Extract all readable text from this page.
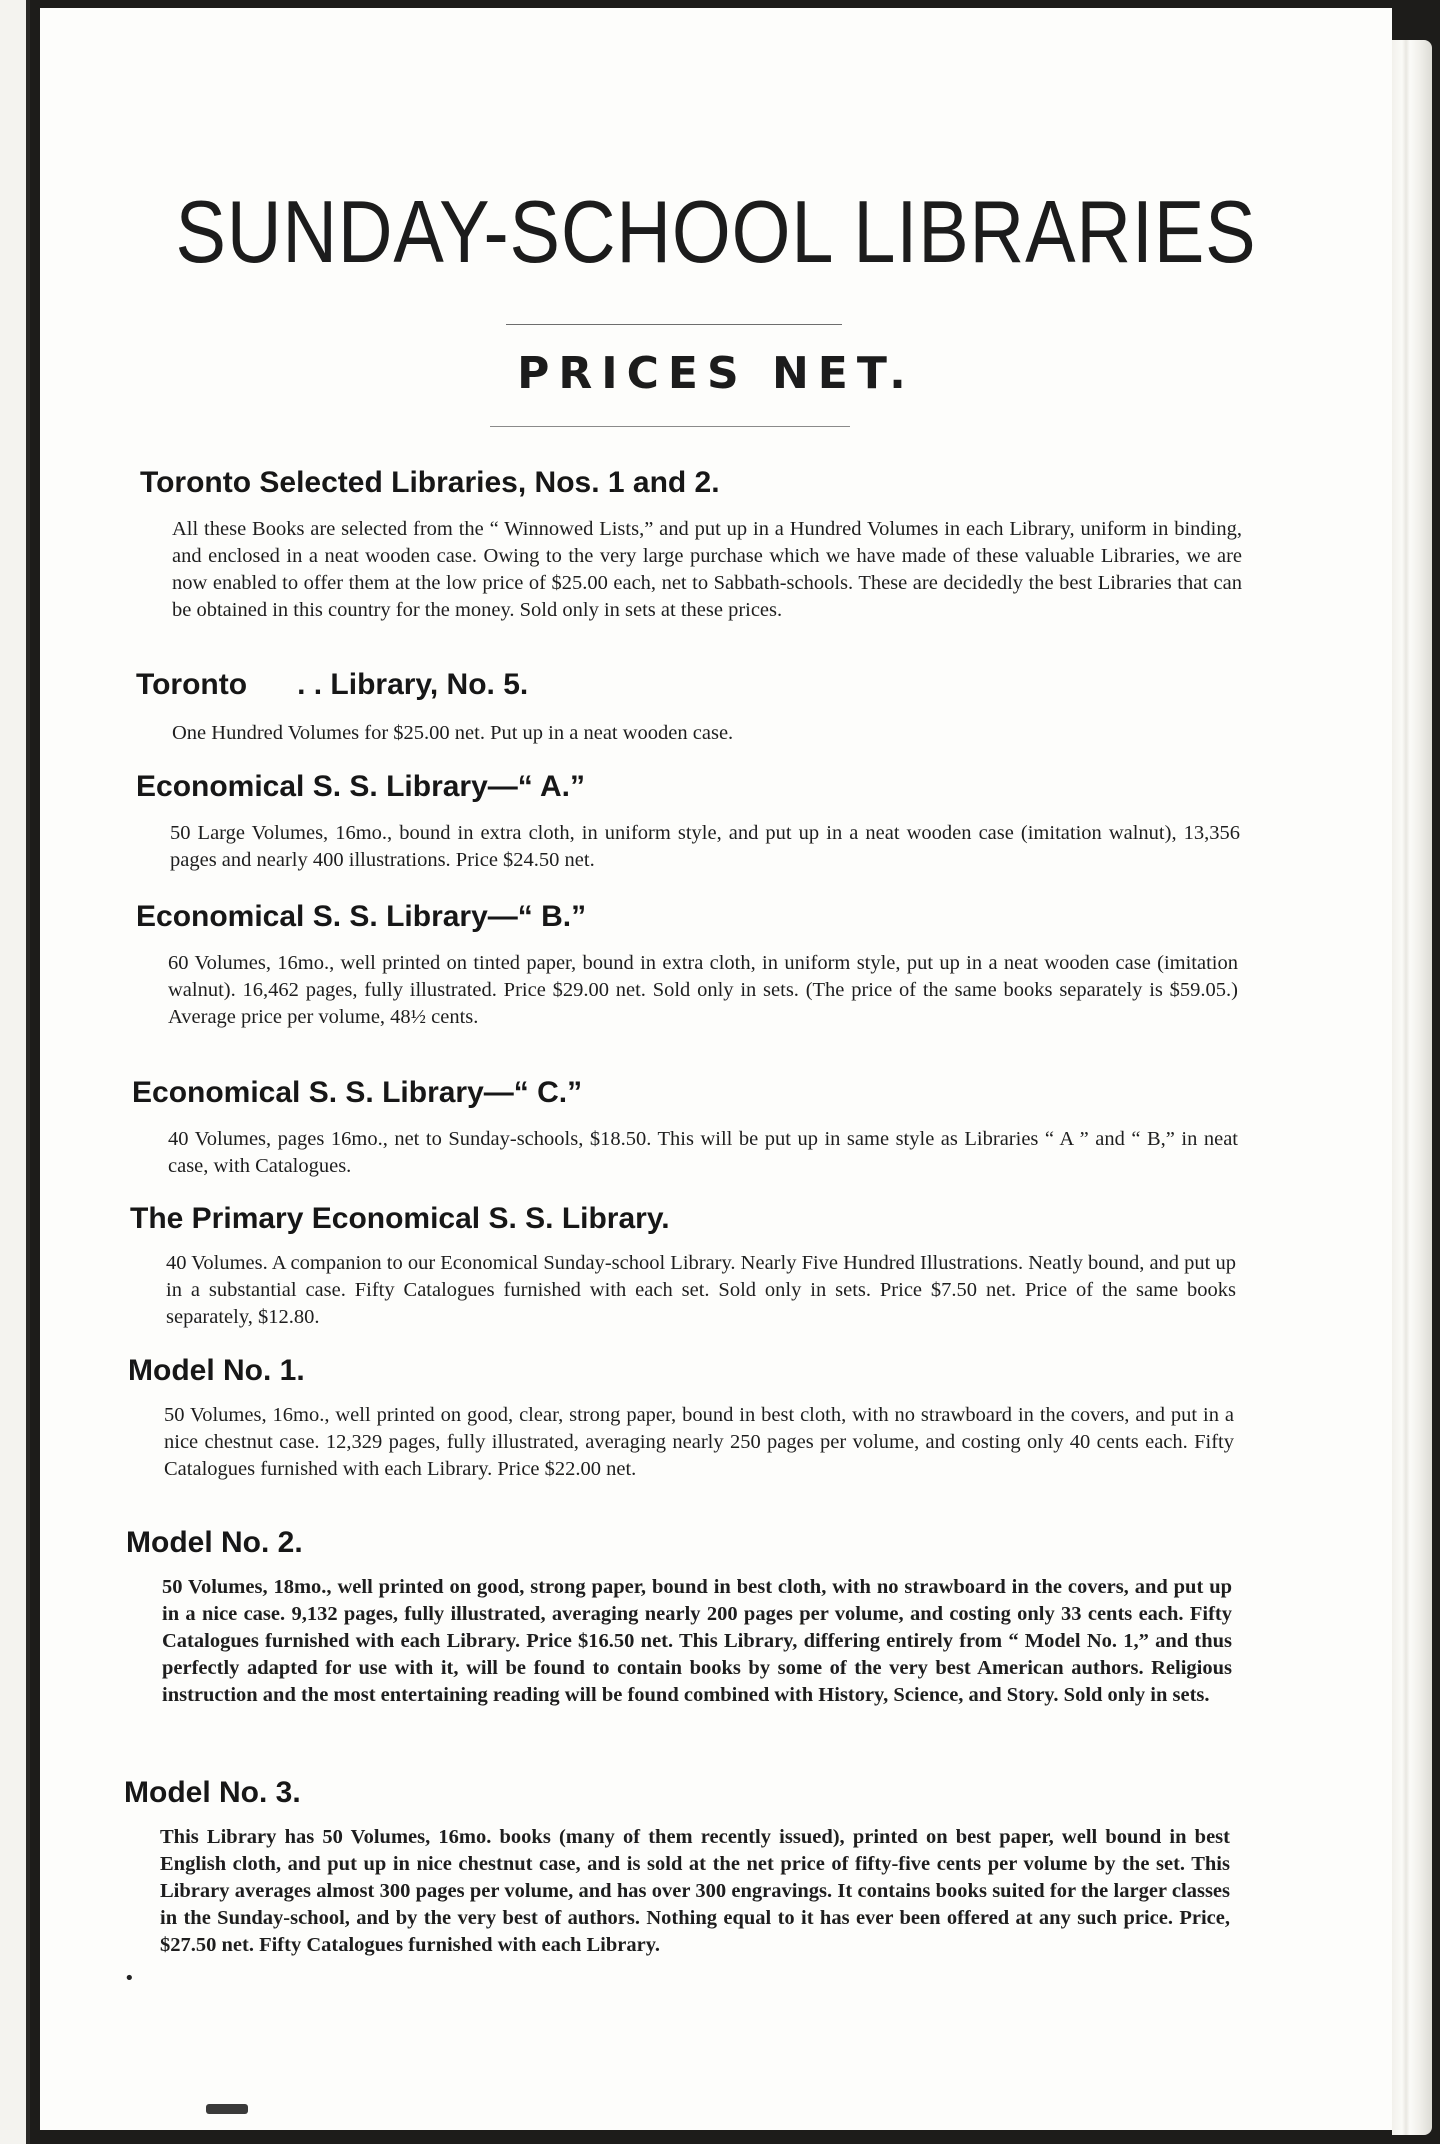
SUNDAY-SCHOOL LIBRARIES
PRICES NET.
Toronto Selected Libraries, Nos. 1 and 2.

All these Books are selected from the “ Winnowed Lists,” and put up in a Hundred Volumes in each Library, uniform in binding, and enclosed in a neat wooden case. Owing to the very large purchase which we have made of these valuable Libraries, we are now enabled to offer them at the low price of $25.00 each, net to Sabbath-schools. These are decidedly the best Libraries that can be obtained in this country for the money. Sold only in sets at these prices.

Toronto      . . Library, No. 5.

One Hundred Volumes for $25.00 net. Put up in a neat wooden case.

Economical S. S. Library—“ A.”

50 Large Volumes, 16mo., bound in extra cloth, in uniform style, and put up in a neat wooden case (imitation walnut), 13,356 pages and nearly 400 illustrations. Price $24.50 net.

Economical S. S. Library—“ B.”

60 Volumes, 16mo., well printed on tinted paper, bound in extra cloth, in uniform style, put up in a neat wooden case (imitation walnut). 16,462 pages, fully illustrated. Price $29.00 net. Sold only in sets. (The price of the same books separately is $59.05.) Average price per volume, 48½ cents.

Economical S. S. Library—“ C.”

40 Volumes, pages 16mo., net to Sunday-schools, $18.50. This will be put up in same style as Libraries “ A ” and “ B,” in neat case, with Catalogues.

The Primary Economical S. S. Library.

40 Volumes. A companion to our Economical Sunday-school Library. Nearly Five Hundred Illustrations. Neatly bound, and put up in a substantial case. Fifty Catalogues furnished with each set. Sold only in sets. Price $7.50 net. Price of the same books separately, $12.80.

Model No. 1.

50 Volumes, 16mo., well printed on good, clear, strong paper, bound in best cloth, with no strawboard in the covers, and put in a nice chestnut case. 12,329 pages, fully illustrated, averaging nearly 250 pages per volume, and costing only 40 cents each. Fifty Catalogues furnished with each Library. Price $22.00 net.

Model No. 2.

50 Volumes, 18mo., well printed on good, strong paper, bound in best cloth, with no strawboard in the covers, and put up in a nice case. 9,132 pages, fully illustrated, averaging nearly 200 pages per volume, and costing only 33 cents each. Fifty Catalogues furnished with each Library. Price $16.50 net. This Library, differing entirely from “ Model No. 1,” and thus perfectly adapted for use with it, will be found to contain books by some of the very best American authors. Religious instruction and the most entertaining reading will be found combined with History, Science, and Story. Sold only in sets.

Model No. 3.

This Library has 50 Volumes, 16mo. books (many of them recently issued), printed on best paper, well bound in best English cloth, and put up in nice chestnut case, and is sold at the net price of fifty-five cents per volume by the set. This Library averages almost 300 pages per volume, and has over 300 engravings. It contains books suited for the larger classes in the Sunday-school, and by the very best of authors. Nothing equal to it has ever been offered at any such price. Price, $27.50 net. Fifty Catalogues furnished with each Library.

•
